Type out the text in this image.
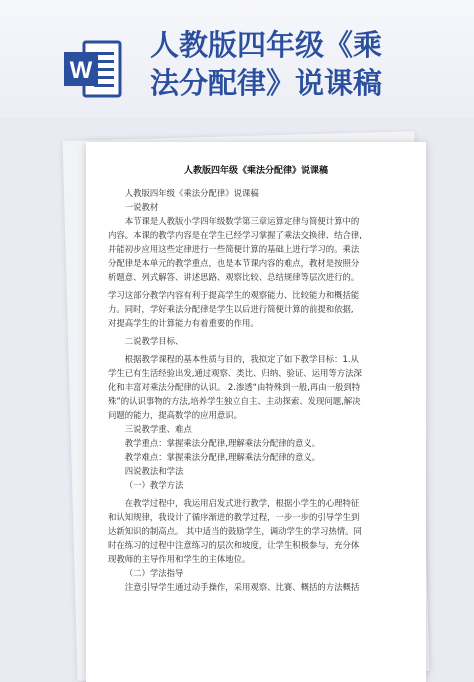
W
人教版四年级《乘
法分配律》说课稿
人教版四年级《乘法分配律》说课稿
人教版四年级《乘法分配律》说课稿
一说教材
本节课是人教版小学四年级数学第三章运算定律与简便计算中的
内容。本课的教学内容是在学生已经学习掌握了乘法交换律、结合律,
并能初步应用这些定律进行一些简便计算的基础上进行学习的。乘法
分配律是本单元的教学重点，也是本节课内容的难点，教材是按照分
析题意、列式解答、讲述思路、观察比较、总结规律等层次进行的。
学习这部分教学内容有利于提高学生的观察能力、比较能力和概括能
力。同时，学好乘法分配律是学生以后进行简便计算的前提和依据,
对提高学生的计算能力有着重要的作用。
二说教学目标、
根据教学课程的基本性质与目的，我拟定了如下教学目标：1.从
学生已有生活经验出发,通过观察、类比、归纳、验证、运用等方法深
化和丰富对乘法分配律的认识。 2.渗透“由特殊到一般,再由一般到特
殊”的认识事物的方法,培养学生独立自主、主动探索、发现问题,解决
问题的能力，提高数学的应用意识。
三说教学重、难点
教学重点：掌握乘法分配律,理解乘法分配律的意义。
教学难点：掌握乘法分配律,理解乘法分配律的意义。
四说教法和学法
（一）教学方法
在教学过程中，我运用启发式进行教学，根据小学生的心理特征
和认知规律，我设计了循序渐进的教学过程，一步一步的引导学生到
达新知识的制高点。 其中适当的鼓励学生，调动学生的学习热情。同
时在练习的过程中注意练习的层次和坡度，让学生积极参与，充分体
现教师的主导作用和学生的主体地位。
（二）学法指导
注意引导学生通过动手操作，采用观察、比赛、概括的方法概括
